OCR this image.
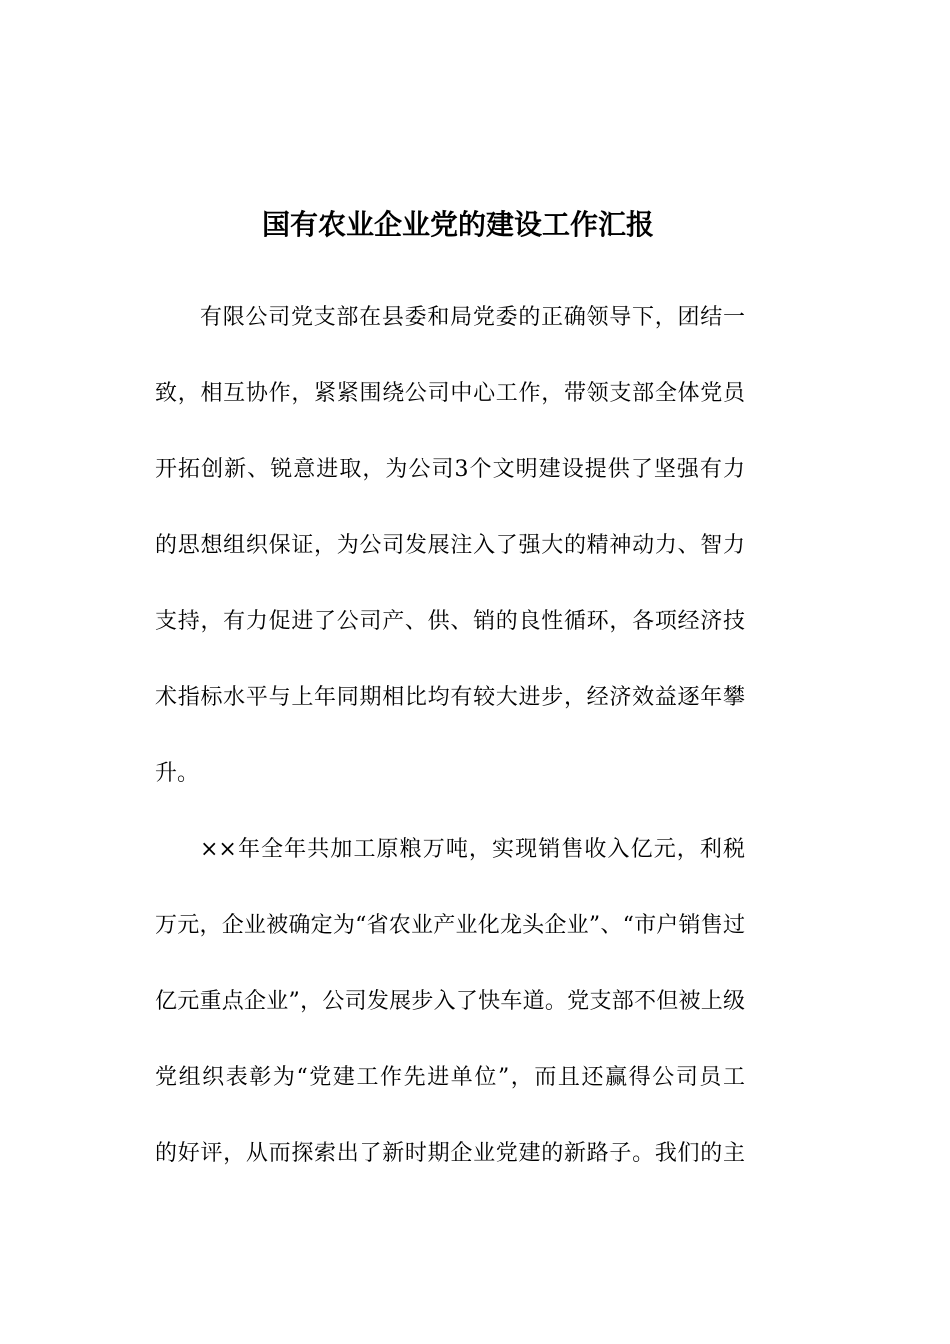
国有农业企业党的建设工作汇报
有限公司党支部在县委和局党委的正确领导下，团结一
致，相互协作，紧紧围绕公司中心工作，带领支部全体党员
开拓创新、锐意进取，为公司3个文明建设提供了坚强有力
的思想组织保证，为公司发展注入了强大的精神动力、智力
支持，有力促进了公司产、供、销的良性循环，各项经济技
术指标水平与上年同期相比均有较大进步，经济效益逐年攀
升。
××年全年共加工原粮万吨，实现销售收入亿元，利税
万元，企业被确定为“省农业产业化龙头企业”、“市户销售过
亿元重点企业”，公司发展步入了快车道。党支部不但被上级
党组织表彰为“党建工作先进单位”，而且还赢得公司员工
的好评，从而探索出了新时期企业党建的新路子。我们的主
